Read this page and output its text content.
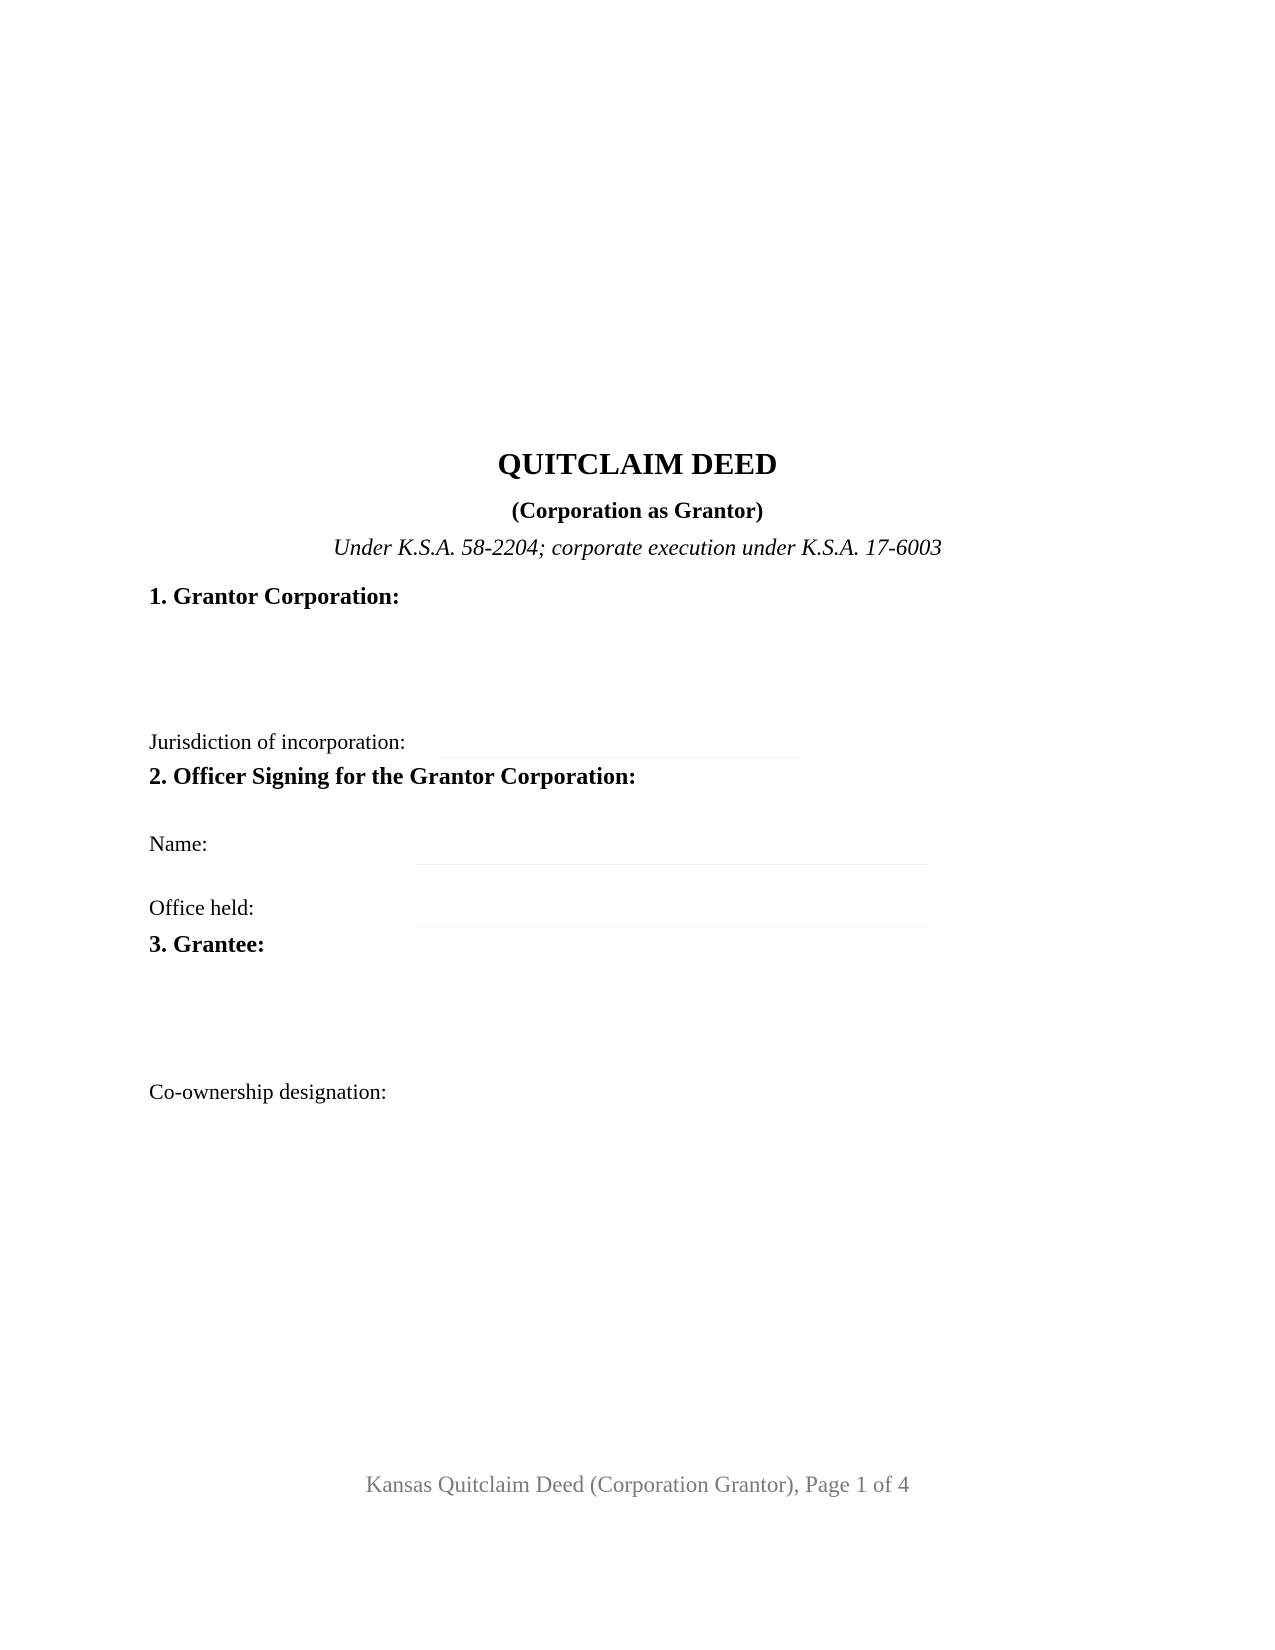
QUITCLAIM DEED
(Corporation as Grantor)
Under K.S.A. 58-2204; corporate execution under K.S.A. 17-6003
1. Grantor Corporation:
Jurisdiction of incorporation:
2. Officer Signing for the Grantor Corporation:
Name:
Office held:
3. Grantee:
Co-ownership designation:
Kansas Quitclaim Deed (Corporation Grantor), Page 1 of 4
